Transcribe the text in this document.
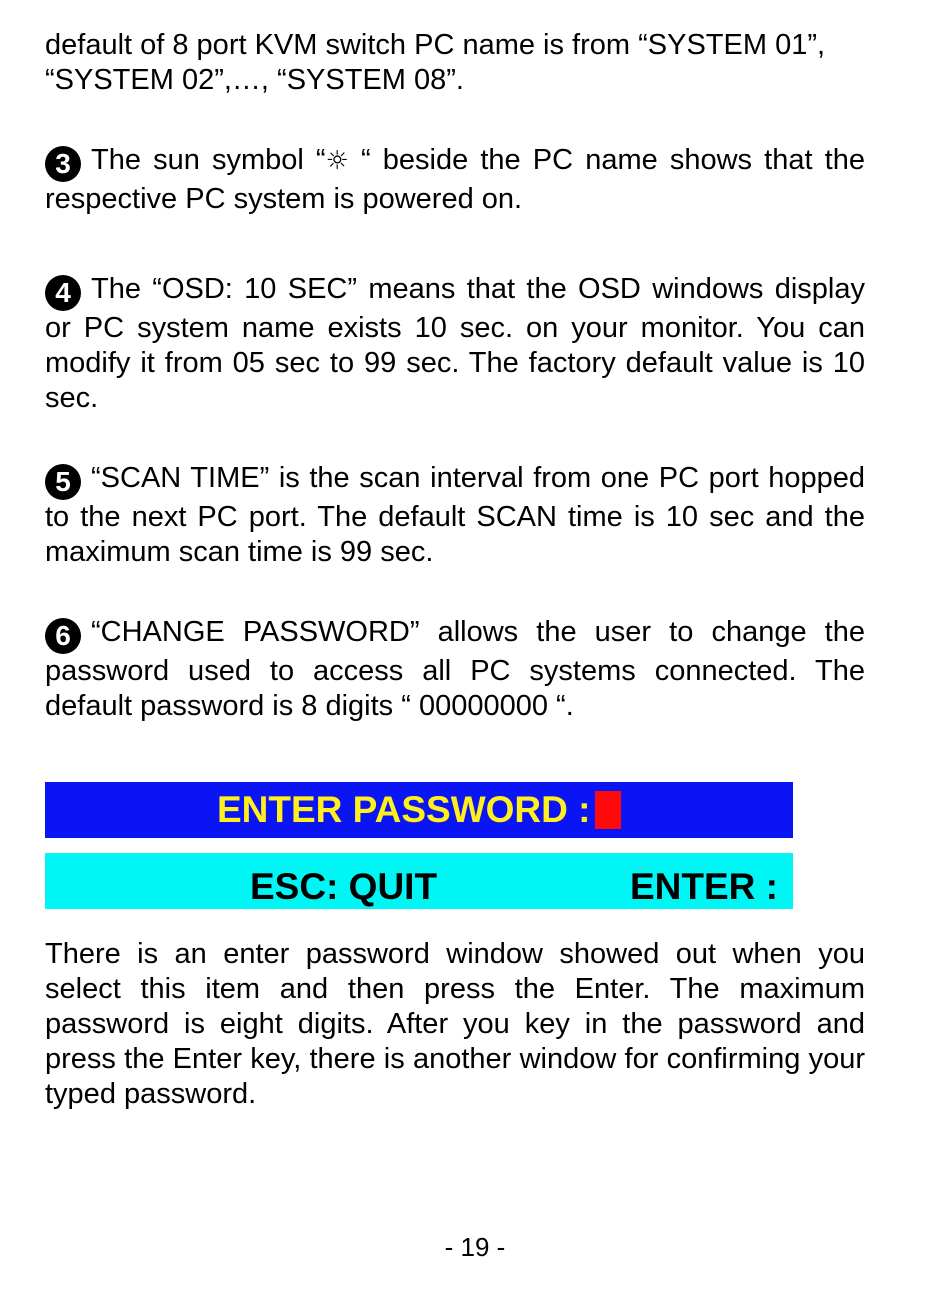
default of 8 port KVM switch PC name is from “SYSTEM 01”, “SYSTEM 02”,…, “SYSTEM 08”.

3 The sun symbol “☼ “ beside the PC name shows that the respective PC system is powered on.

4 The “OSD: 10 SEC” means that the OSD windows display or PC system name exists 10 sec. on your monitor. You can modify it from 05 sec to 99 sec. The factory default value is 10 sec.

5 “SCAN TIME” is the scan interval from one PC port hopped to the next PC port. The default SCAN time is 10 sec and the maximum scan time is 99 sec.

6 “CHANGE PASSWORD” allows the user to change the password used to access all PC systems connected. The default password is 8 digits “ 00000000 “.

ENTER PASSWORD :
ESC: QUIT	ENTER :

There is an enter password window showed out when you select this item and then press the Enter. The maximum password is eight digits. After you key in the password and press the Enter key, there is another window for confirming your typed password.

- 19 -
